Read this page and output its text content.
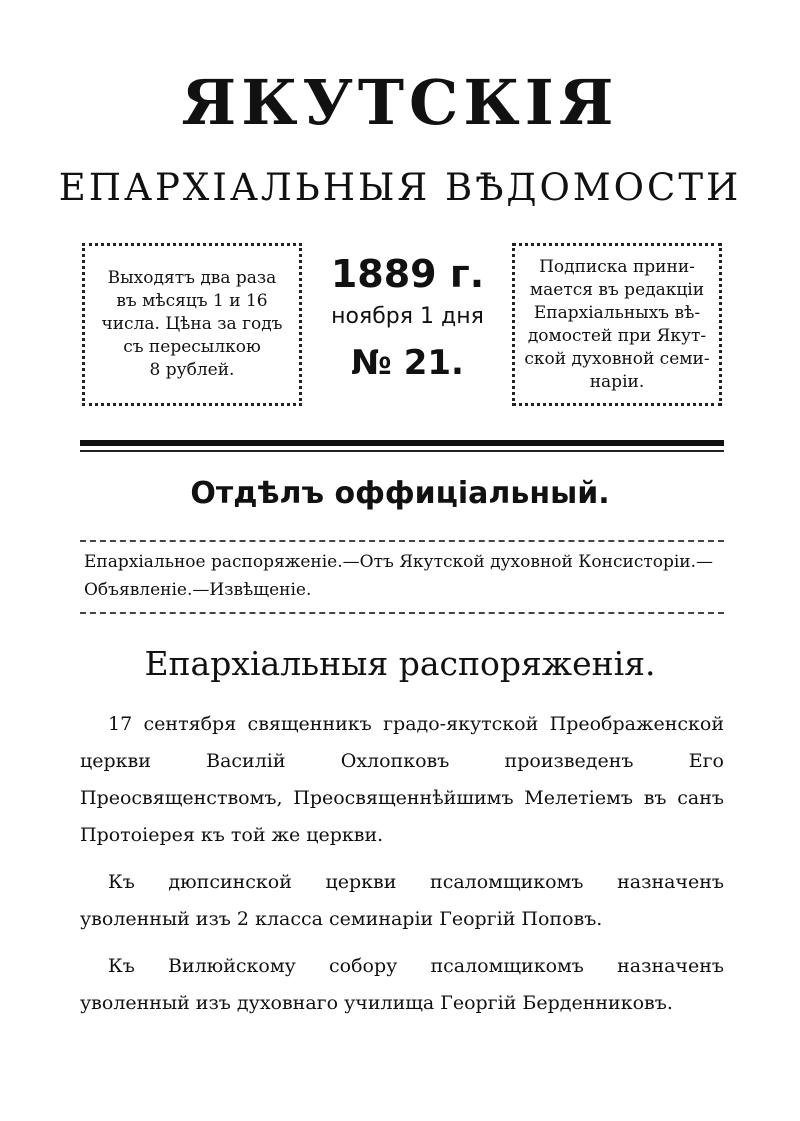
ЯКУТСКІЯ
ЕПАРХІАЛЬНЫЯ ВѢДОМОСТИ
Выходятъ два раза
въ мѣсяцъ 1 и 16
числа. Цѣна за годъ
съ пересылкою
8 рублей.
1889 г.
ноября 1 дня
№ 21.
Подписка прини-
мается въ редакціи
Епархіальныхъ вѣ-
домостей при Якут-
ской духовной семи-
наріи.
Отдѣлъ оффиціальный.
Епархіальное распоряженіе.—Отъ Якутской духовной Консисторіи.—Объявленіе.—Извѣщеніе.
Епархіальныя распоряженія.

17 сентября священникъ градо-якутской Преображенской церкви Василій Охлопковъ произведенъ Его Преосвященствомъ, Преосвященнѣйшимъ Мелетіемъ въ санъ Протоіерея къ той же церкви.

Къ дюпсинской церкви псаломщикомъ назначенъ уволенный изъ 2 класса семинаріи Георгій Поповъ.

Къ Вилюйскому собору псаломщикомъ назначенъ уволенный изъ духовнаго училища Георгій Берденниковъ.
